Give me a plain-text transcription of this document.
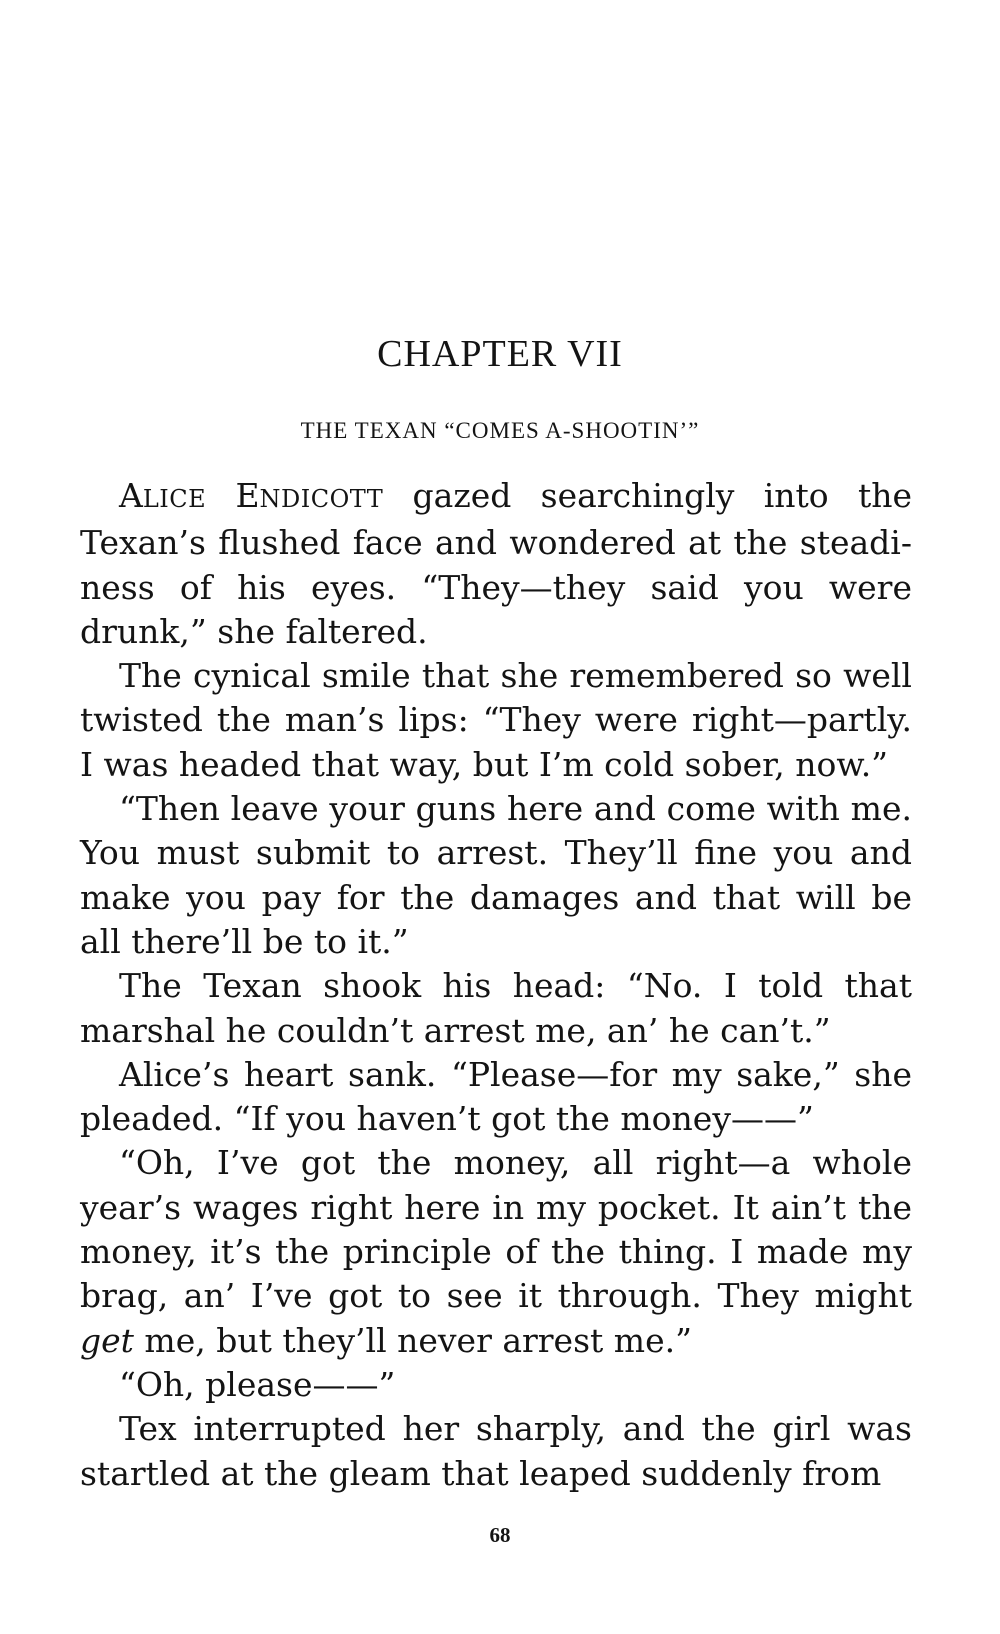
CHAPTER VII
THE TEXAN “COMES A-SHOOTIN’”

ALICE ENDICOTT gazed searchingly into the Texan’s flushed face and wondered at the steadiness of his eyes. “They—they said you were drunk,” she faltered.

The cynical smile that she remembered so well twisted the man’s lips: “They were right—partly. I was headed that way, but I’m cold sober, now.”

“Then leave your guns here and come with me. You must submit to arrest. They’ll fine you and make you pay for the damages and that will be all there’ll be to it.”

The Texan shook his head: “No. I told that marshal he couldn’t arrest me, an’ he can’t.”

Alice’s heart sank. “Please—for my sake,” she pleaded. “If you haven’t got the money——”

“Oh, I’ve got the money, all right—a whole year’s wages right here in my pocket. It ain’t the money, it’s the principle of the thing. I made my brag, an’ I’ve got to see it through. They might get me, but they’ll never arrest me.”

“Oh, please——”

Tex interrupted her sharply, and the girl was startled at the gleam that leaped suddenly from

68
